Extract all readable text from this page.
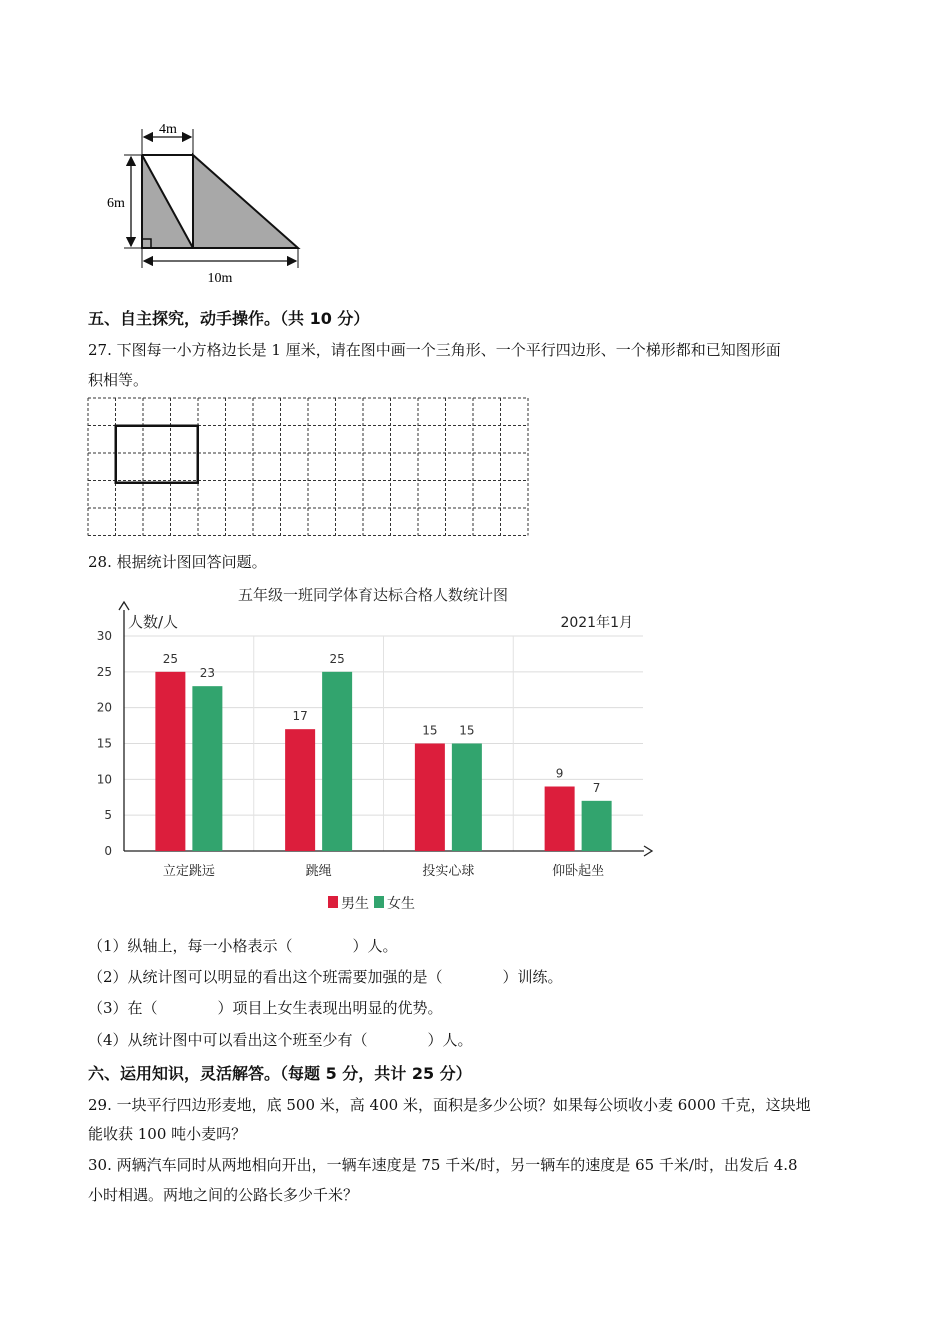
4m
6m
10m
五、自主探究，动手操作。（共 10 分）
27. 下图每一小方格边长是 1 厘米，请在图中画一个三角形、一个平行四边形、一个梯形都和已知图形面
积相等。
28. 根据统计图回答问题。
五年级一班同学体育达标合格人数统计图
2021年1月
人数/人
0
5
10
15
20
25
30
25
23
立定跳远
17
25
跳绳
15 15
投实心球
9
7
仰卧起坐
男生 女生
（1）纵轴上，每一小格表示（　　　　）人。
（2）从统计图可以明显的看出这个班需要加强的是（　　　　）训练。
（3）在（　　　　）项目上女生表现出明显的优势。
（4）从统计图中可以看出这个班至少有（　　　　）人。
六、运用知识，灵活解答。（每题 5 分，共计 25 分）
29. 一块平行四边形麦地，底 500 米，高 400 米，面积是多少公顷？如果每公顷收小麦 6000 千克，这块地
能收获 100 吨小麦吗？
30. 两辆汽车同时从两地相向开出，一辆车速度是 75 千米/时，另一辆车的速度是 65 千米/时，出发后 4.8
小时相遇。两地之间的公路长多少千米？
